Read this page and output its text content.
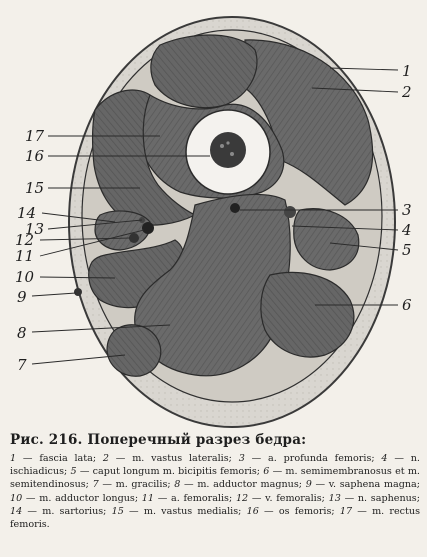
1
2
3
4
5
6
17
16
15
14
13
12
11
10
9
8
7

Рис. 216. Поперечный разрез бедра:

1 — fascia lata; 2 — m. vastus lateralis; 3 — a. profunda femoris; 4 — n. ischiadicus; 5 — caput longum m. bicipitis femoris; 6 — m. semimembranosus et m. semitendinosus; 7 — m. gracilis; 8 — m. adductor magnus; 9 — v. saphena magna; 10 — m. adductor longus; 11 — a. femoralis; 12 — v. femoralis; 13 — n. saphenus; 14 — m. sartorius; 15 — m. vastus medialis; 16 — os femoris; 17 — m. rectus femoris.
